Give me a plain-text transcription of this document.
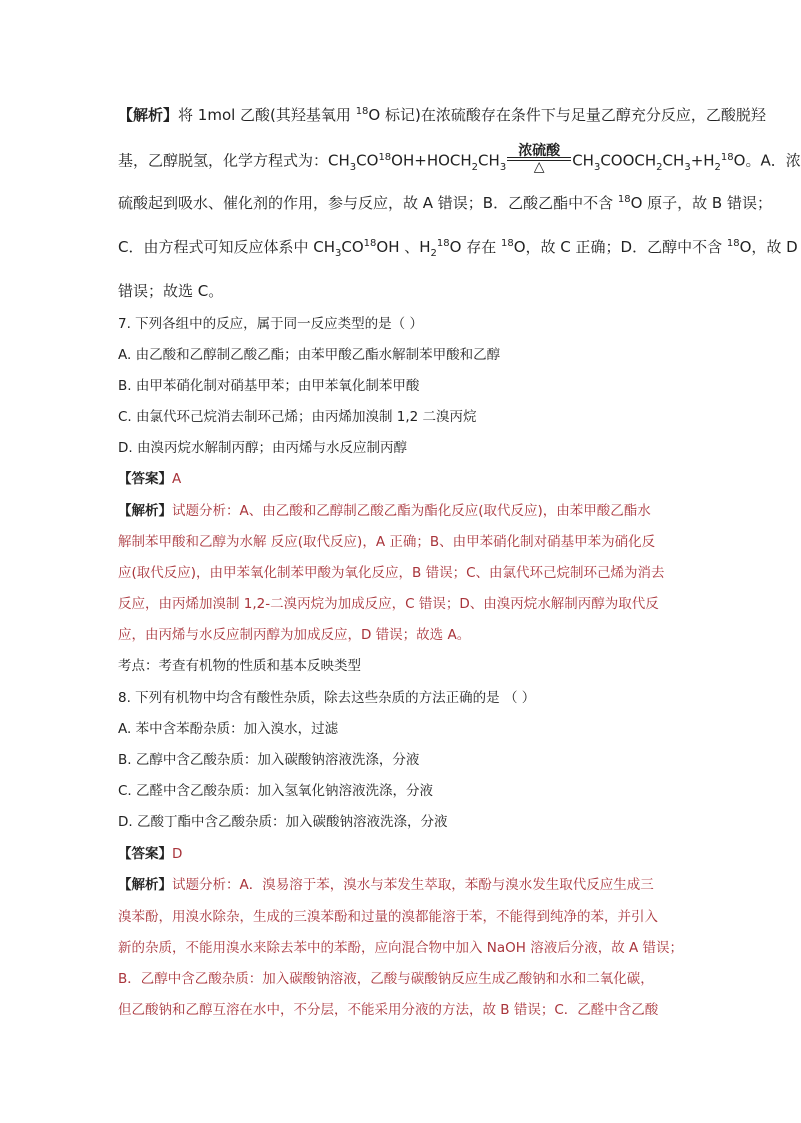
【解析】将 1mol 乙酸(其羟基氧用 $^{18}$O 标记)在浓硫酸存在条件下与足量乙醇充分反应，乙酸脱羟
基，乙醇脱氢，化学方程式为：$CH_3CO^{18}OH+HOCH_2CH_3$
浓硫酸
△	$CH_3COOCH_2CH_3+H_2^{18}O$。A．浓
硫酸起到吸水、催化剂的作用，参与反应，故 A 错误；B．乙酸乙酯中不含 $^{18}$O 原子，故 B 错误；
C．由方程式可知反应体系中 $CH_3CO^{18}OH$ 、$H_2^{18}O$ 存在 $^{18}$O，故 C 正确；D．乙醇中不含 $^{18}$O，故 D
错误；故选 C。
7. 下列各组中的反应，属于同一反应类型的是（ ）
A. 由乙酸和乙醇制乙酸乙酯；由苯甲酸乙酯水解制苯甲酸和乙醇
B. 由甲苯硝化制对硝基甲苯；由甲苯氧化制苯甲酸
C. 由氯代环己烷消去制环己烯；由丙烯加溴制 1,2 二溴丙烷
D. 由溴丙烷水解制丙醇；由丙烯与水反应制丙醇
【答案】A
【解析】试题分析：A、由乙酸和乙醇制乙酸乙酯为酯化反应(取代反应)，由苯甲酸乙酯水
解制苯甲酸和乙醇为水解 反应(取代反应)，A 正确；B、由甲苯硝化制对硝基甲苯为硝化反
应(取代反应)，由甲苯氧化制苯甲酸为氧化反应，B 错误；C、由氯代环己烷制环己烯为消去
反应，由丙烯加溴制 1,2-二溴丙烷为加成反应，C 错误；D、由溴丙烷水解制丙醇为取代反
应，由丙烯与水反应制丙醇为加成反应，D 错误；故选 A。
考点：考查有机物的性质和基本反映类型
8. 下列有机物中均含有酸性杂质，除去这些杂质的方法正确的是 （ ）
A. 苯中含苯酚杂质：加入溴水，过滤
B. 乙醇中含乙酸杂质：加入碳酸钠溶液洗涤，分液
C. 乙醛中含乙酸杂质：加入氢氧化钠溶液洗涤，分液
D. 乙酸丁酯中含乙酸杂质：加入碳酸钠溶液洗涤，分液
【答案】D
【解析】试题分析：A．溴易溶于苯，溴水与苯发生萃取，苯酚与溴水发生取代反应生成三
溴苯酚，用溴水除杂，生成的三溴苯酚和过量的溴都能溶于苯，不能得到纯净的苯，并引入
新的杂质，不能用溴水来除去苯中的苯酚，应向混合物中加入 NaOH 溶液后分液，故 A 错误；
B．乙醇中含乙酸杂质：加入碳酸钠溶液，乙酸与碳酸钠反应生成乙酸钠和水和二氧化碳，
但乙酸钠和乙醇互溶在水中，不分层，不能采用分液的方法，故 B 错误；C．乙醛中含乙酸
